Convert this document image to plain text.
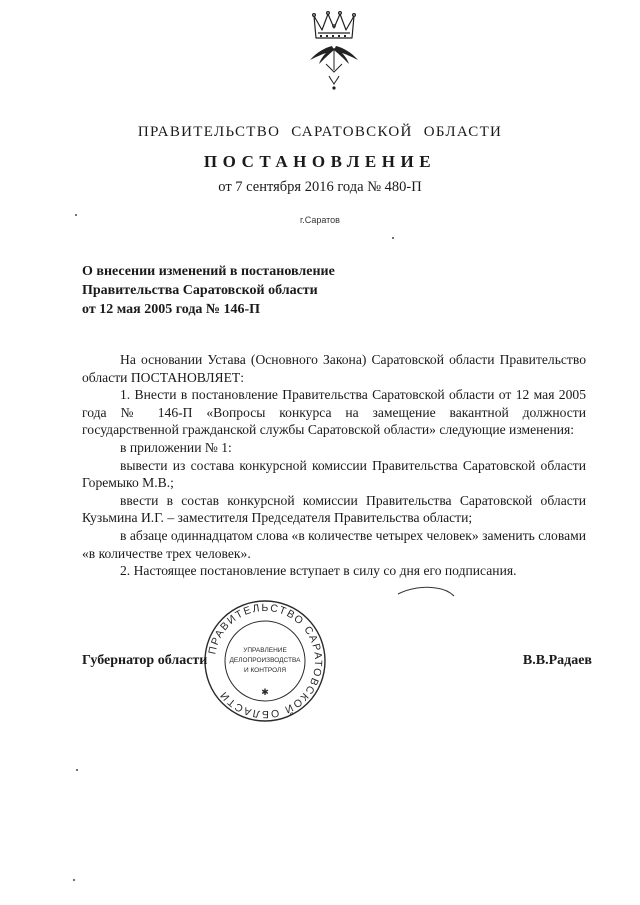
ПРАВИТЕЛЬСТВО САРАТОВСКОЙ ОБЛАСТИ
ПОСТАНОВЛЕНИЕ
от 7 сентября 2016 года № 480-П
г.Саратов
О внесении изменений в постановление
Правительства Саратовской области
от 12 мая 2005 года № 146-П

На основании Устава (Основного Закона) Саратовской области Правительство области ПОСТАНОВЛЯЕТ:

1. Внести в постановление Правительства Саратовской области от 12 мая 2005 года № 146-П «Вопросы конкурса на замещение вакантной должности государственной гражданской службы Саратовской области» следующие изменения:

в приложении № 1:

вывести из состава конкурсной комиссии Правительства Саратовской области Горемыко М.В.;

ввести в состав конкурсной комиссии Правительства Саратовской области Кузьмина И.Г. – заместителя Председателя Правительства области;

в абзаце одиннадцатом слова «в количестве четырех человек» заменить словами «в количестве трех человек».

2. Настоящее постановление вступает в силу со дня его подписания.

ПРАВИТЕЛЬСТВО САРАТОВСКОЙ ОБЛАСТИ
УПРАВЛЕНИЕ
ДЕЛОПРОИЗВОДСТВА
И КОНТРОЛЯ
✱
Губернатор области	В.В.Радаев
